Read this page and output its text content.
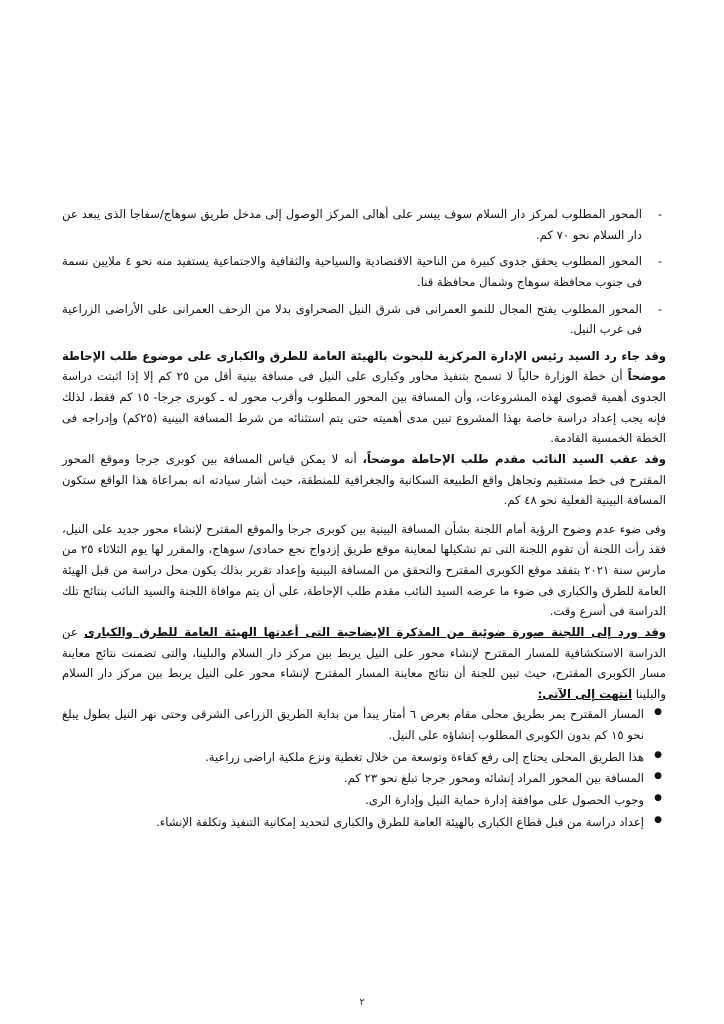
- المحور المطلوب لمركز دار السلام سوف ييسر على أهالى المركز الوصول إلى مدخل طريق سوهاج/سفاجا الذى يبعد عن دار السلام نحو ٧٠ كم.
- المحور المطلوب يحقق جدوى كبيرة من الناحية الاقتصادية والسياحية والثقافية والاجتماعية يستفيد منه نحو ٤ ملايين نسمة فى جنوب محافظة سوهاج وشمال محافظة قنا.
- المحور المطلوب يفتح المجال للنمو العمرانى فى شرق النيل الصحراوى بدلا من الزحف العمرانى على الأراضى الزراعية فى غرب النيل.

وقد جاء رد السيد رئيس الإدارة المركزية للبحوث بالهيئة العامة للطرق والكبارى على موضوع طلب الإحاطة موضحاً أن خطة الوزارة حالياً لا تسمح بتنفيذ محاور وكبارى على النيل فى مسافة بينية أقل من ٢٥ كم إلا إذا اثبتت دراسة الجدوى أهمية قصوى لهذه المشروعات، وأن المسافة بين المحور المطلوب وأقرب محور له ـ كوبرى جرجا- ١٥ كم فقط، لذلك فإنه يجب إعداد دراسة خاصة بهذا المشروع تبين مدى أهميته حتى يتم استثنائه من شرط المسافة البينية (٢٥كم) وإدراجه فى الخطة الخمسية القادمة.

وقد عقب السيد النائب مقدم طلب الإحاطة موضحاً، أنه لا يمكن قياس المسافة بين كوبرى جرجا وموقع المحور المقترح فى خط مستقيم وتجاهل واقع الطبيعة السكانية والجغرافية للمنطقة، حيث أشار سيادته انه بمراعاة هذا الواقع ستكون المسافة البينية الفعلية نحو ٤٨ كم.

وفى ضوء عدم وضوح الرؤية أمام اللجنة بشأن المسافة البينية بين كوبرى جرجا والموقع المقترح لإنشاء محور جديد على النيل، فقد رأت اللجنة أن تقوم اللجنة التى تم تشكيلها لمعاينة موقع طريق إزدواج نجع حمادى/ سوهاج، والمقرر لها يوم الثلاثاء ٢٥ من مارس سنة ٢٠٢١ بتفقد موقع الكوبرى المقترح والتحقق من المسافة البينية وإعداد تقرير بذلك يكون محل دراسة من قبل الهيئة العامة للطرق والكبارى فى ضوء ما عرضه السيد النائب مقدم طلب الإحاطة، على أن يتم موافاة اللجنة والسيد النائب بنتائج تلك الدراسة فى أسرع وقت.

وقد ورد إلى اللجنة صورة ضوئية من المذكرة الإيضاحية التى أعدتها الهيئة العامة للطرق والكبارى عن الدراسة الاستكشافية للمسار المقترح لإنشاء محور على النيل يربط بين مركز دار السلام والبلينا، والتى تضمنت نتائج معاينة مسار الكوبرى المقترح، حيث تبين للجنة أن نتائج معاينة المسار المقترح لإنشاء محور على النيل يربط بين مركز دار السلام والبلينا انتهت إلى الآتى:

● المسار المقترح يمر بطريق محلى مقام بعرض ٦ أمتار يبدأ من بداية الطريق الزراعى الشرقى وحتى نهر النيل بطول يبلغ نحو ١٥ كم بدون الكوبرى المطلوب إنشاؤه على النيل.
● هذا الطريق المحلى يحتاج إلى رفع كفاءة وتوسعة من خلال تغطية ونزع ملكية اراضى زراعية.
● المسافة بين المحور المراد إنشائه ومحور جرجا تبلغ نحو ٢٣ كم.
● وجوب الحصول على موافقة إدارة حماية النيل وإدارة الرى.
● إعداد دراسة من قبل قطاع الكبارى بالهيئة العامة للطرق والكبارى لتحديد إمكانية التنفيذ وتكلفة الإنشاء.
٢
